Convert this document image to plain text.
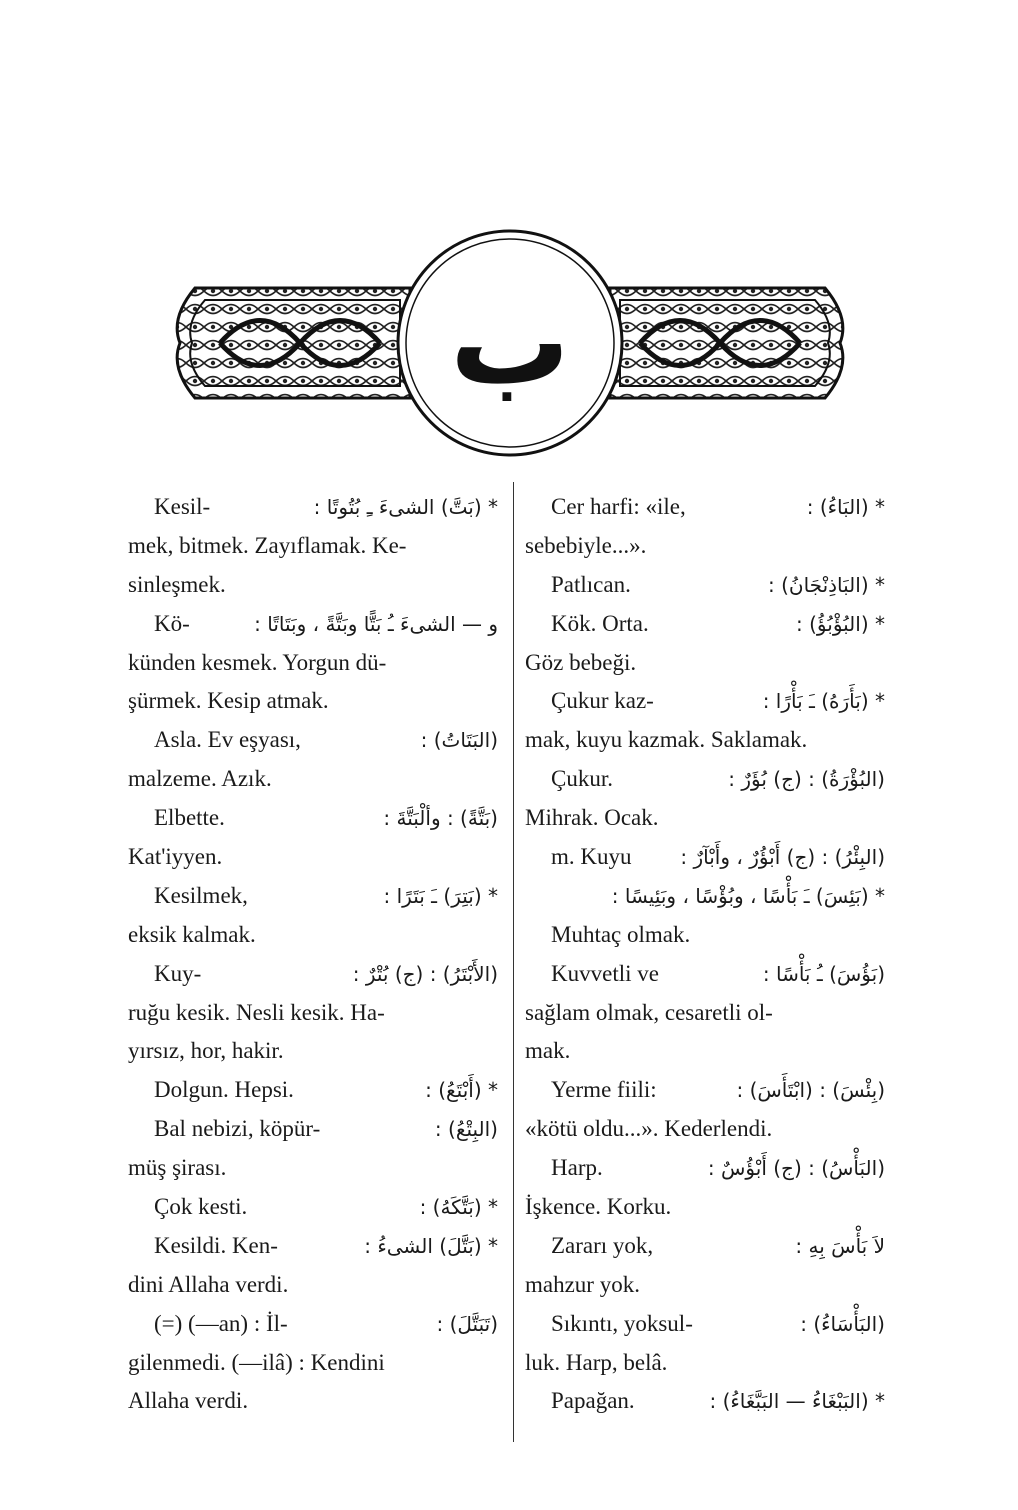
ب
Kesil-	* (بَتَّ) الشىءَ ـِ بُتُوتًا :
mek, bitmek. Zayıflamak. Ke-
sinleşmek.
Kö-	و — الشىءَ ـُ بَتًّا وبَتَّةً ، وبَتَاتًا :
künden kesmek. Yorgun dü-
şürmek. Kesip atmak.
Asla. Ev eşyası,	(البَتَاتُ) :
malzeme. Azık.
Elbette.	(بَتَّةً) : وألْبَتَّةَ :
Kat'iyyen.
Kesilmek,	* (بَتِرَ) ـَ بَتَرًا :
eksik kalmak.
Kuy-	(الأَبْتَرُ) : (ج) بُتْرٌ :
ruğu kesik. Nesli kesik. Ha-
yırsız, hor, hakir.
Dolgun. Hepsi.	* (أَبْتَعُ) :
Bal nebizi, köpür-	(البِتْعُ) :
müş şirası.
Çok kesti.	* (بَتَّكَهُ) :
Kesildi. Ken-	* (بَتَّلَ) الشىءُ :
dini Allaha verdi.
(=) (—an) : İl-	(تَبَتَّلَ) :
gilenmedi. (—ilâ) : Kendini
Allaha verdi.
Cer harfi: «ile,	* (البَاءُ) :
sebebiyle...».
Patlıcan.	* (البَاذِنْجَانُ) :
Kök. Orta.	* (البُؤْبُؤُ) :
Göz bebeği.
Çukur kaz-	* (بَأَرَهُ) ـَ بَأْرًا :
mak, kuyu kazmak. Saklamak.
Çukur.	(البُؤْرَةُ) : (ج) بُؤَرٌ :
Mihrak. Ocak.
m. Kuyu (البِئْرُ) : (ج) أَبْؤُرٌ ، وأَبْآرٌ :
* (بَئِسَ) ـَ بَأْسًا ، وبُؤْسًا ، وبَئِيسًا :
Muhtaç olmak.
Kuvvetli ve	(بَؤُسَ) ـُ بَأْسًا :
sağlam olmak, cesaretli ol-
mak.
Yerme fiili:	(بِئْسَ) : (ابْتَأَسَ) :
«kötü oldu...». Kederlendi.
Harp.	(البَأْسُ) : (ج) أَبْؤُسٌ :
İşkence. Korku.
Zararı yok,	لاَ بَأْسَ بِهِ :
mahzur yok.
Sıkıntı, yoksul-	(البَأْسَاءُ) :
luk. Harp, belâ.
Papağan.	* (البَبْغَاءُ — البَبَّغَاءُ) :
